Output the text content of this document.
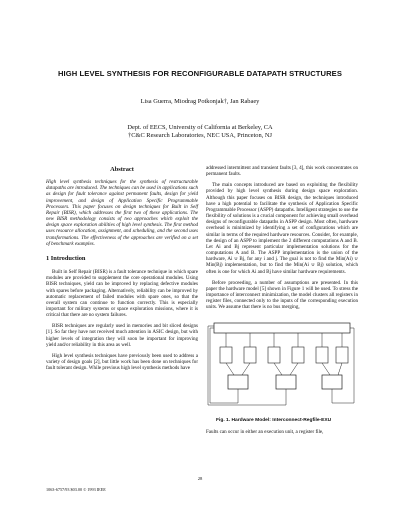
HIGH LEVEL SYNTHESIS FOR RECONFIGURABLE DATAPATH STRUCTURES
Lisa Guerra, Miodrag Potkonjak†, Jan Rabaey
Dept. of EECS, University of California at Berkeley, CA
†C&C Research Laboratories, NEC USA, Princeton, NJ
Abstract

High level synthesis techniques for the synthesis of restructurable datapaths are introduced. The techniques can be used in applications such as design for fault tolerance against permanent faults, design for yield improvement, and design of Application Specific Programmable Processors. This paper focuses on design techniques for Built in Self Repair (BISR), which addresses the first two of these applications. The new BISR methodology consists of two approaches which exploit the design space exploration abilities of high level synthesis. The first method uses resource allocation, assignment, and scheduling, and the second uses transformations. The effectiveness of the approaches are verified on a set of benchmark examples.

1 Introduction

Built in Self Repair (BISR) is a fault tolerance technique in which spare modules are provided to supplement the core operational modules. Using BISR techniques, yield can be improved by replacing defective modules with spares before packaging. Alternatively, reliability can be improved by automatic replacement of failed modules with spare ones, so that the overall system can continue to function correctly. This is especially important for military systems or space exploration missions, where it is critical that there are no system failures.

BISR techniques are regularly used in memories and bit sliced designs [1]. So far they have not received much attention in ASIC design, but with higher levels of integration they will soon be important for improving yield and/or reliability in this area as well.

High level synthesis techniques have previously been used to address a variety of design goals [2], but little work has been done on techniques for fault tolerant design. While previous high level synthesis methods have

addressed intermittent and transient faults [3, 4], this work concentrates on permanent faults.

The main concepts introduced are based on exploiting the flexibility provided by high level synthesis during design space exploration. Although this paper focuses on BISR design, the techniques introduced have a high potential to facilitate the synthesis of Application Specific Programmable Processor (ASPP) datapaths. Intelligent strategies to use the flexibility of solutions is a crucial component for achieving small overhead designs of reconfigurable datapaths in ASPP design. Most often, hardware overhead is minimized by identifying a set of configurations which are similar in terms of the required hardware resources. Consider, for example, the design of an ASPP to implement the 2 different computations A and B. Let Ai and Bj represent particular implementation solutions for the computations A and B. The ASPP implementation is the union of the hardware, Ai ∪ Bj, for any i and j. The goal is not to find the Min(Ai) ∪ Min(Bj) implementation, but to find the Min(Ai ∪ Bj) solution, which often is one for which Ai and Bj have similar hardware requirements.

Before proceeding, a number of assumptions are presented. In this paper the hardware model [5] shown in Figure 1 will be used. To stress the importance of interconnect minimization, the model clusters all registers in register files, connected only to the inputs of the corresponding execution units. We assume that there is no bus merging,

Fig. 1. Hardware Model: Interconnect-Regfile-EXU

Faults can occur in either an execution unit, a register file,

28
1063-6757/93 $03.00 © 1993 IEEE
